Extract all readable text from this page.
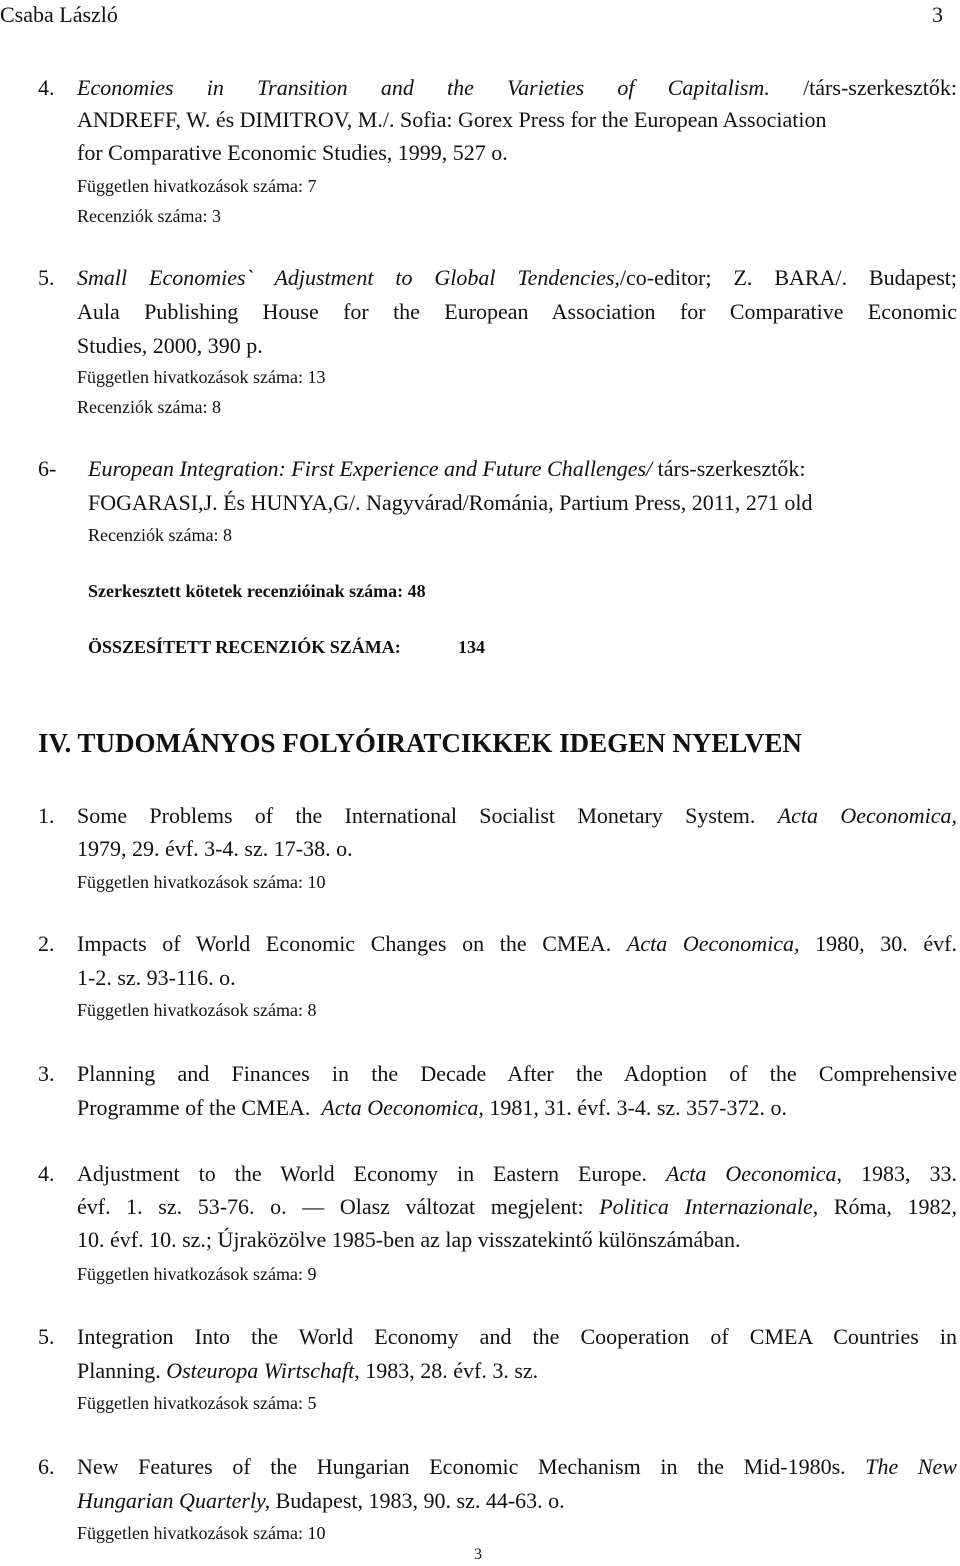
Csaba László	3
4. Economies in Transition and the Varieties of Capitalism. /társ-szerkesztők:
ANDREFF, W. és DIMITROV, M./. Sofia: Gorex Press for the European Association
for Comparative Economic Studies, 1999, 527 o.
Független hivatkozások száma: 7
Recenziók száma: 3
5. Small Economies` Adjustment to Global Tendencies,/co-editor; Z. BARA/. Budapest;
Aula Publishing House for the European Association for Comparative Economic
Studies, 2000, 390 p.
Független hivatkozások száma: 13
Recenziók száma: 8
6- European Integration: First Experience and Future Challenges/ társ-szerkesztők:
FOGARASI,J. És HUNYA,G/. Nagyvárad/Románia, Partium Press, 2011, 271 old
Recenziók száma: 8
Szerkesztett kötetek recenzióinak száma: 48
ÖSSZESÍTETT RECENZIÓK SZÁMA:	134
IV. TUDOMÁNYOS FOLYÓIRATCIKKEK IDEGEN NYELVEN
1. Some Problems of the International Socialist Monetary System. Acta Oeconomica,
1979, 29. évf. 3-4. sz. 17-38. o.
Független hivatkozások száma: 10
2. Impacts of World Economic Changes on the CMEA. Acta Oeconomica, 1980, 30. évf.
1-2. sz. 93-116. o.
Független hivatkozások száma: 8
3. Planning and Finances in the Decade After the Adoption of the Comprehensive
Programme of the CMEA. Acta Oeconomica, 1981, 31. évf. 3-4. sz. 357-372. o.
4. Adjustment to the World Economy in Eastern Europe. Acta Oeconomica, 1983, 33.
évf. 1. sz. 53-76. o. — Olasz változat megjelent: Politica Internazionale, Róma, 1982,
10. évf. 10. sz.; Újraközölve 1985-ben az lap visszatekintő különszámában.
Független hivatkozások száma: 9
5. Integration Into the World Economy and the Cooperation of CMEA Countries in
Planning. Osteuropa Wirtschaft, 1983, 28. évf. 3. sz.
Független hivatkozások száma: 5
6. New Features of the Hungarian Economic Mechanism in the Mid-1980s. The New
Hungarian Quarterly, Budapest, 1983, 90. sz. 44-63. o.
Független hivatkozások száma: 10
3
